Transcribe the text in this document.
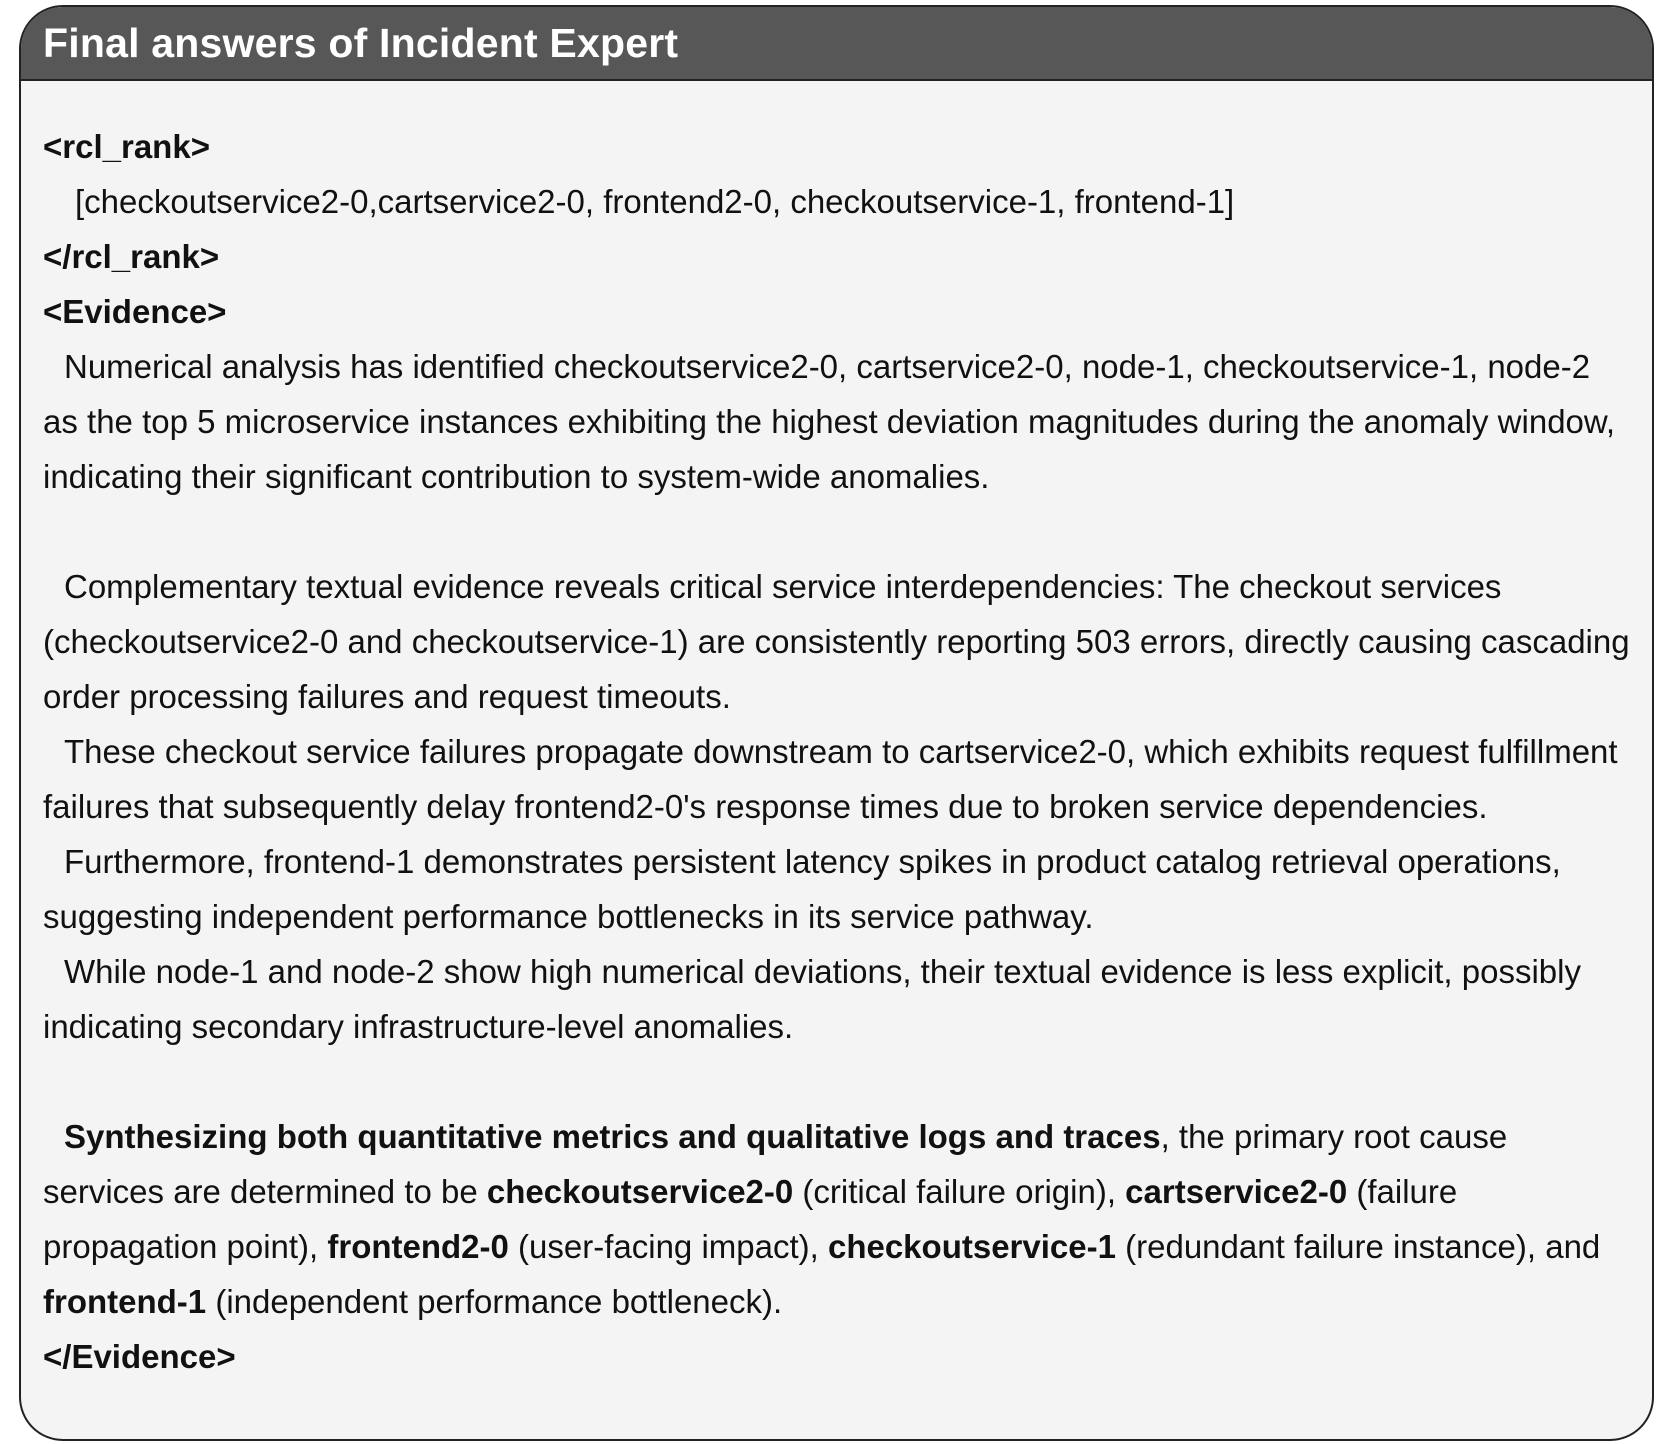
Final answers of Incident Expert
<rcl_rank>
[checkoutservice2-0,cartservice2-0, frontend2-0, checkoutservice-1, frontend-1]
</rcl_rank>
<Evidence>
Numerical analysis has identified checkoutservice2-0, cartservice2-0, node-1, checkoutservice-1, node-2 as the top 5 microservice instances exhibiting the highest deviation magnitudes during the anomaly window, indicating their significant contribution to system-wide anomalies.
Complementary textual evidence reveals critical service interdependencies: The checkout services (checkoutservice2-0 and checkoutservice-1) are consistently reporting 503 errors, directly causing cascading order processing failures and request timeouts.
These checkout service failures propagate downstream to cartservice2-0, which exhibits request fulfillment failures that subsequently delay frontend2-0's response times due to broken service dependencies.
Furthermore, frontend-1 demonstrates persistent latency spikes in product catalog retrieval operations, suggesting independent performance bottlenecks in its service pathway.
While node-1 and node-2 show high numerical deviations, their textual evidence is less explicit, possibly indicating secondary infrastructure-level anomalies.
Synthesizing both quantitative metrics and qualitative logs and traces, the primary root cause services are determined to be checkoutservice2-0 (critical failure origin), cartservice2-0 (failure propagation point), frontend2-0 (user-facing impact), checkoutservice-1 (redundant failure instance), and frontend-1 (independent performance bottleneck).
</Evidence>
